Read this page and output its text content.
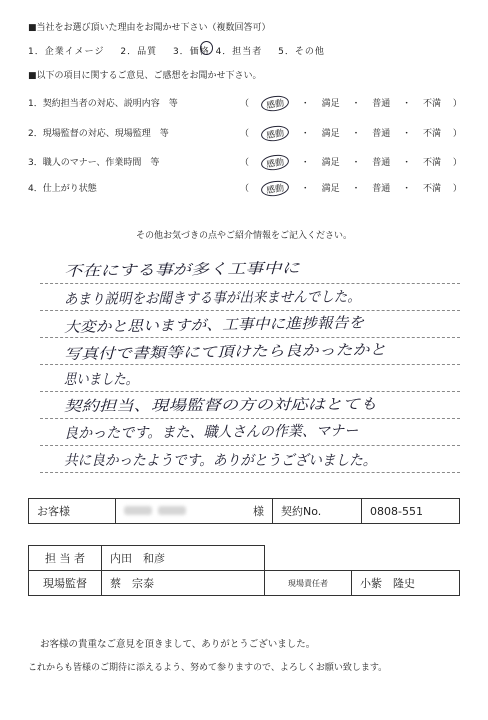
■当社をお選び頂いた理由をお聞かせ下さい（複数回答可）
1．企業イメージ　 2．品質　 3．価格 4．担当者　 5．その他
■以下の項目に関するご意見、ご感想をお聞かせ下さい。
1．契約担当者の対応、説明内容　等	（	感動	・ 満足 ・ 普通 ・ 不満 ）
2．現場監督の対応、現場監理　等	（	感動	・ 満足 ・ 普通 ・ 不満 ）
3．職人のマナー、作業時間　等	（	感動	・ 満足 ・ 普通 ・ 不満 ）
4．仕上がり状態	（	感動	・ 満足 ・ 普通 ・ 不満 ）
その他お気づきの点やご紹介情報をご記入ください。
不在にする事が多く工事中に
あまり説明をお聞きする事が出来ませんでした。
大変かと思いますが、工事中に進捗報告を
写真付で書類等にて頂けたら良かったかと
思いました。
契約担当、現場監督の方の対応はとても
良かったです。また、職人さんの作業、マナー
共に良かったようです。ありがとうございました。
お客様	様	契約No.	0808-551
担 当 者	内田　和彦		
現場監督	蔡　宗泰	現場責任者	小紫　隆史
お客様の貴重なご意見を頂きまして、ありがとうございました。
これからも皆様のご期待に添えるよう、努めて参りますので、よろしくお願い致します。
